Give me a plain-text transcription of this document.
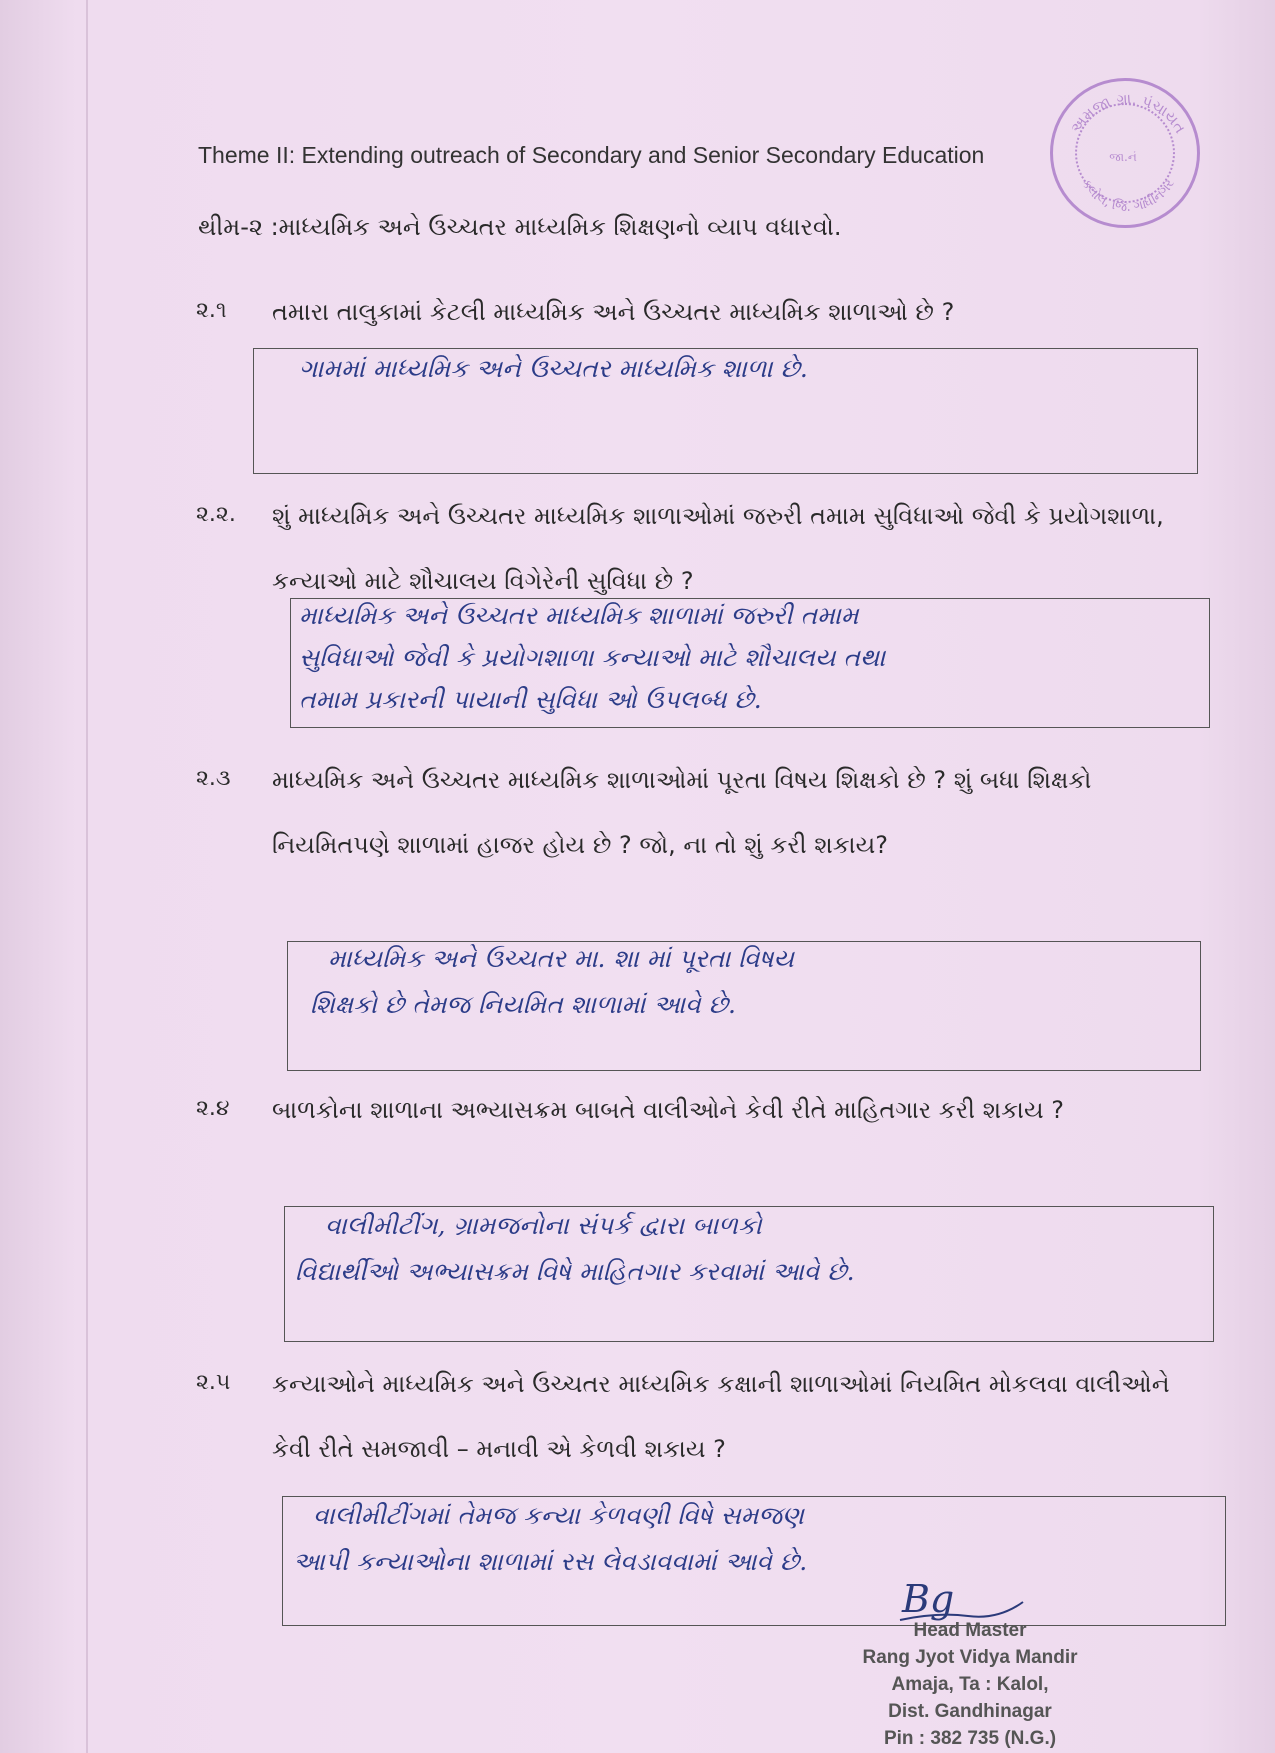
અમજા ગ્રા. પંચાયત
કલોલ, જિ. ગાંધીનગર
જા.નં
Theme II: Extending outreach of Secondary and Senior Secondary Education
થીમ-૨ :માધ્યમિક અને ઉચ્ચતર માધ્યમિક શિક્ષણનો વ્યાપ વધારવો.
૨.૧ તમારા તાલુકામાં કેટલી માધ્યમિક અને ઉચ્ચતર માધ્યમિક શાળાઓ છે ?
ગામમાં માધ્યમિક અને ઉચ્ચતર માધ્યમિક શાળા છે.
૨.૨. શું માધ્યમિક અને ઉચ્ચતર માધ્યમિક શાળાઓમાં જરુરી તમામ સુવિધાઓ જેવી કે પ્રયોગશાળા, કન્યાઓ માટે શૌચાલય વિગેરેની સુવિધા છે ?
માધ્યમિક અને ઉચ્ચતર માધ્યમિક શાળામાં જરુરી તમામ
સુવિધાઓ જેવી કે પ્રયોગશાળા કન્યાઓ માટે શૌચાલય તથા
તમામ પ્રકારની પાયાની સુવિધા ઓ ઉપલબ્ધ છે.
૨.૩ માધ્યમિક અને ઉચ્ચતર માધ્યમિક શાળાઓમાં પૂરતા વિષય શિક્ષકો છે ? શું બધા શિક્ષકો નિયમિતપણે શાળામાં હાજર હોય છે ? જો, ના તો શું કરી શકાય?
માધ્યમિક અને ઉચ્ચતર મા. શા માં પૂરતા વિષય
શિક્ષકો છે તેમજ નિયમિત શાળામાં આવે છે.
૨.૪ બાળકોના શાળાના અભ્યાસક્રમ બાબતે વાલીઓને કેવી રીતે માહિતગાર કરી શકાય ?
વાલીમીટીંગ, ગ્રામજનોના સંપર્ક દ્વારા બાળકો
વિદ્યાર્થીઓ અભ્યાસક્રમ વિષે માહિતગાર કરવામાં આવે છે.
૨.૫ કન્યાઓને માધ્યમિક અને ઉચ્ચતર માધ્યમિક કક્ષાની શાળાઓમાં નિયમિત મોકલવા વાલીઓને કેવી રીતે સમજાવી – મનાવી એ કેળવી શકાય ?
વાલીમીટીંગમાં તેમજ કન્યા કેળવણી વિષે સમજણ
આપી કન્યાઓના શાળામાં રસ લેવડાવવામાં આવે છે.
Bg
Head Master
Rang Jyot Vidya Mandir
Amaja, Ta : Kalol,
Dist. Gandhinagar
Pin : 382 735 (N.G.)
